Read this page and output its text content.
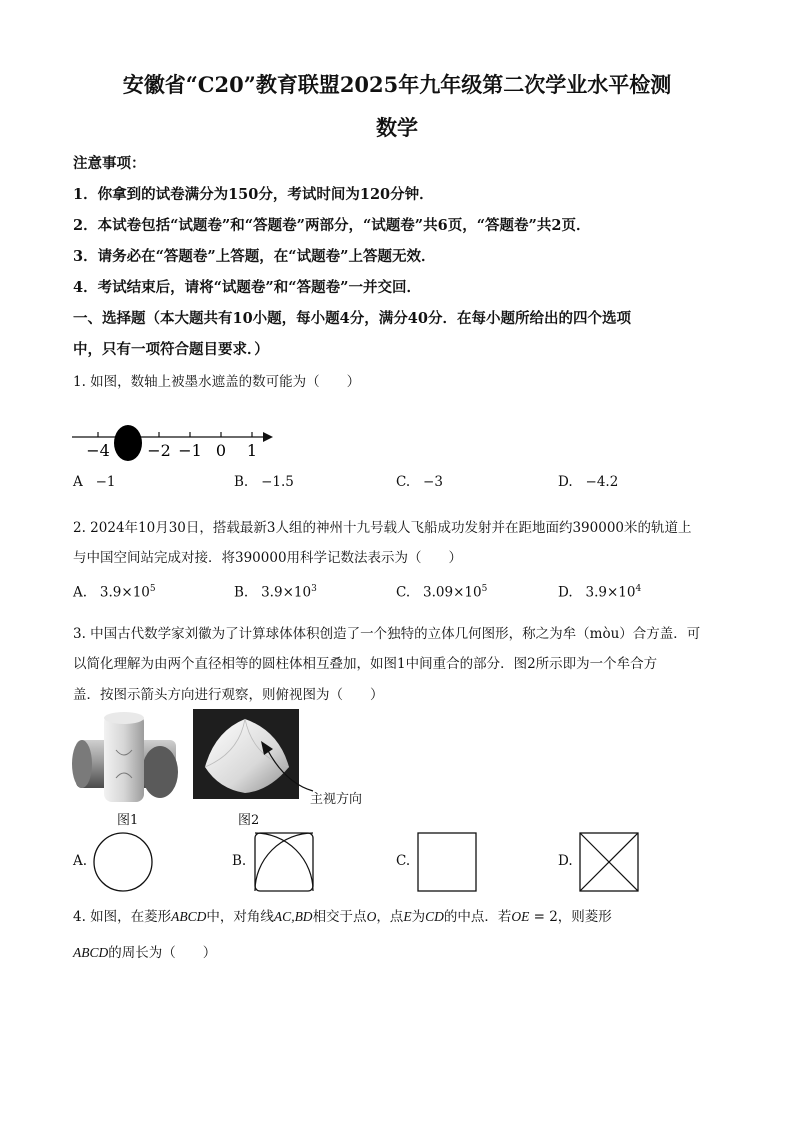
安徽省“C20”教育联盟2025年九年级第二次学业水平检测
数学
注意事项：
1．你拿到的试卷满分为150分，考试时间为120分钟．
2．本试卷包括“试题卷”和“答题卷”两部分，“试题卷”共6页，“答题卷”共2页．
3．请务必在“答题卷”上答题，在“试题卷”上答题无效．
4．考试结束后，请将“试题卷”和“答题卷”一并交回．
一、选择题（本大题共有10小题，每小题4分，满分40分．在每小题所给出的四个选项
中，只有一项符合题目要求．）
1. 如图，数轴上被墨水遮盖的数可能为（　　）
−4 −2 −1 0 1
A −1	B. −1.5	C. −3	D. −4.2
2. 2024年10月30日，搭载最新3人组的神州十九号载人飞船成功发射并在距地面约390000米的轨道上
与中国空间站完成对接．将390000用科学记数法表示为（　　）
A. $3.9\times 10^5$	B. $3.9\times 10^3$	C. $3.09\times 10^5$	D. $3.9\times 10^4$
3. 中国古代数学家刘徽为了计算球体体积创造了一个独特的立体几何图形，称之为牟（mòu）合方盖．可
以简化理解为由两个直径相等的圆柱体相互叠加，如图1中间重合的部分．图2所示即为一个牟合方
盖．按图示箭头方向进行观察，则俯视图为（　　）
主视方向
图1	图2
A.	B.	C.	D.
4. 如图，在菱形ABCD中，对角线AC,BD相交于点O，点E为CD的中点．若OE = 2，则菱形
ABCD的周长为（　　）
